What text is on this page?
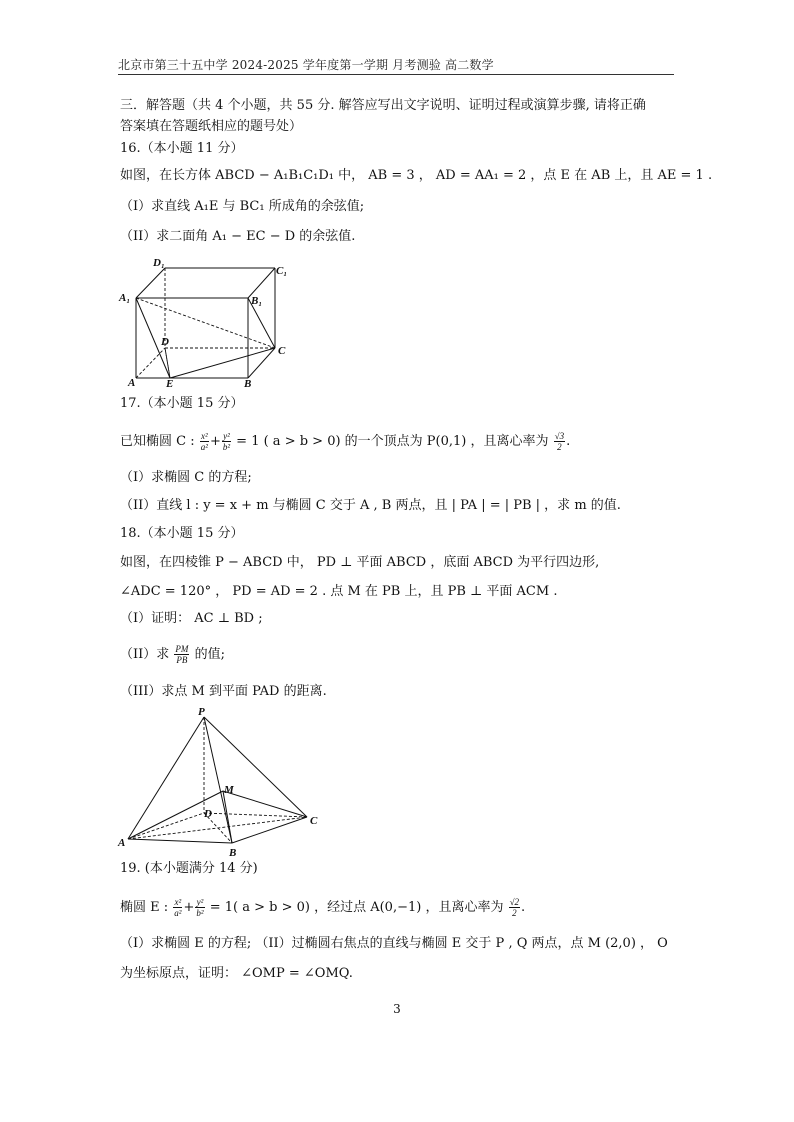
北京市第三十五中学 2024-2025 学年度第一学期 月考测验 高二数学
三．解答题（共 4 个小题，共 55 分. 解答应写出文字说明、证明过程或演算步骤, 请将正确
答案填在答题纸相应的题号处）
16.（本小题 11 分）
如图，在长方体 ABCD − A₁B₁C₁D₁ 中， AB = 3 ， AD = AA₁ = 2 ，点 E 在 AB 上，且 AE = 1 .
（I）求直线 A₁E 与 BC₁ 所成角的余弦值;
（II）求二面角 A₁ − EC − D 的余弦值.
D₁
C₁
A₁	B₁
D
C
A	E	B
17.（本小题 15 分）
已知椭圆 C : $\frac{\text{x²}}{\text{a²}} + \frac{\text{y²}}{\text{b²}} = 1$ ( a > b > 0) 的一个顶点为 P(0,1) ，且离心率为 $\frac{√3}{2}$ .
（I）求椭圆 C 的方程;
（II）直线 l : y = x + m 与椭圆 C 交于 A , B 两点，且 | PA | = | PB | ，求 m 的值.
18.（本小题 15 分）
如图，在四棱锥 P − ABCD 中， PD ⊥ 平面 ABCD ，底面 ABCD 为平行四边形,
∠ADC = 120° ， PD = AD = 2 . 点 M 在 PB 上，且 PB ⊥ 平面 ACM .
（I）证明： AC ⊥ BD ;
（II）求 $\frac{PM}{PB}$ 的值;
（III）求点 M 到平面 PAD 的距离.
P
M
D
C
A
B
19. (本小题满分 14 分)
椭圆 E : $\frac{\text{x²}}{\text{a²}} + \frac{\text{y²}}{\text{b²}} = 1$( a > b > 0) ，经过点 A(0,−1) ，且离心率为 $\frac{√2}{2}$ .
（I）求椭圆 E 的方程; （II）过椭圆右焦点的直线与椭圆 E 交于 P , Q 两点，点 M (2,0) ， O
为坐标原点，证明： ∠OMP = ∠OMQ.
3
